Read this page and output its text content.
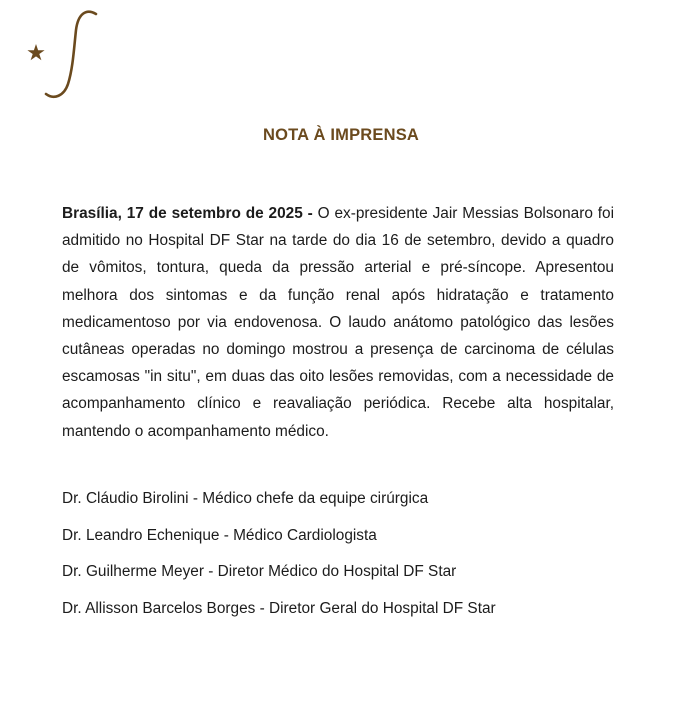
NOTA À IMPRENSA

Brasília, 17 de setembro de 2025 - O ex-presidente Jair Messias Bolsonaro foi admitido no Hospital DF Star na tarde do dia 16 de setembro, devido a quadro de vômitos, tontura, queda da pressão arterial e pré-síncope. Apresentou melhora dos sintomas e da função renal após hidratação e tratamento medicamentoso por via endovenosa. O laudo anátomo patológico das lesões cutâneas operadas no domingo mostrou a presença de carcinoma de células escamosas "in situ", em duas das oito lesões removidas, com a necessidade de acompanhamento clínico e reavaliação periódica. Recebe alta hospitalar, mantendo o acompanhamento médico.

Dr. Cláudio Birolini - Médico chefe da equipe cirúrgica
Dr. Leandro Echenique - Médico Cardiologista
Dr. Guilherme Meyer - Diretor Médico do Hospital DF Star
Dr. Allisson Barcelos Borges - Diretor Geral do Hospital DF Star
